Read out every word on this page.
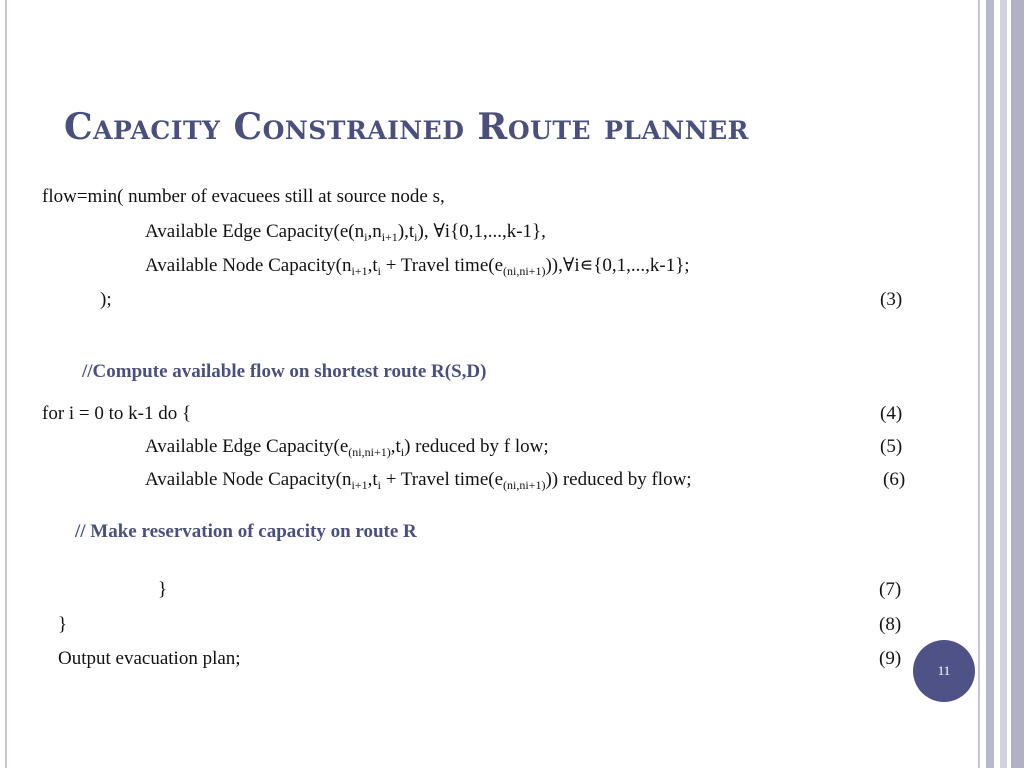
Capacity Constrained Route planner
flow=min( number of evacuees still at source node s,
Available Edge $Capacity(e(n_i,n_{i+1}),t_i)$, ∀i{0,1,...,k-1},
Available Node $Capacity(n_{i+1},t_i$ + Travel $time(e_{(ni,ni+1)})),\forall i∊\{0,1,...,k-1\}$;
);	(3)
//Compute available flow on shortest route R(S,D)
for i = 0 to k-1 do {	(4)
Available Edge $Capacity(e_{(ni,ni+1)},t_i)$ reduced by f low;	(5)
Available Node $Capacity(n_{i+1},t_i$ + Travel $time(e_{(ni,ni+1)})$) reduced by flow;	(6)
// Make reservation of capacity on route R
}	(7)
}	(8)
Output evacuation plan;	(9)
11
